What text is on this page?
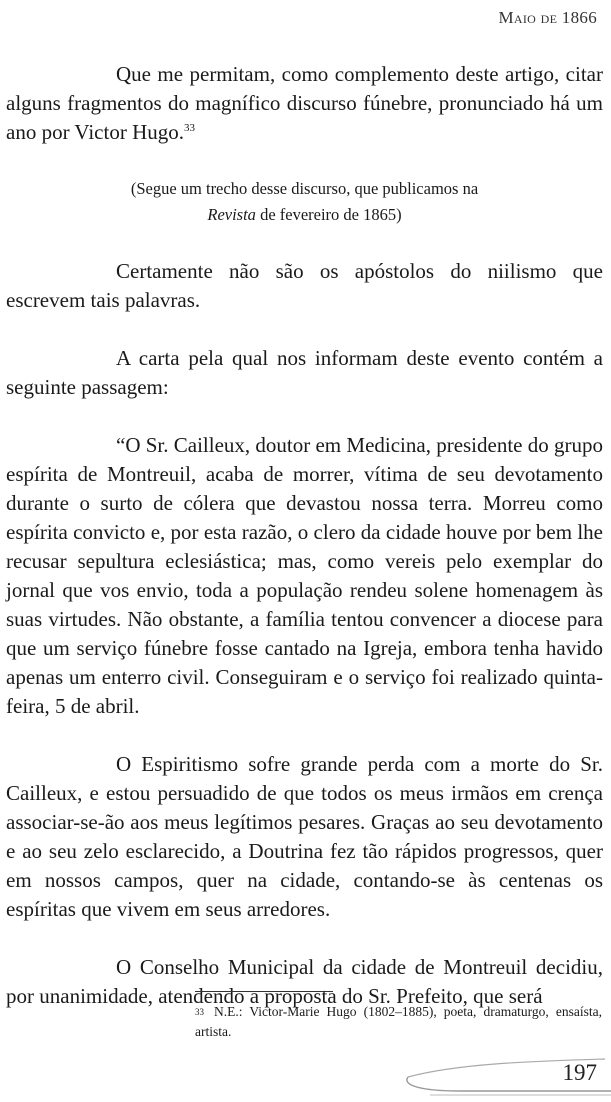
Maio de 1866

Que me permitam, como complemento deste artigo, citar alguns fragmentos do magnífico discurso fúnebre, pronunciado há um ano por Victor Hugo.$^{33}$

(Segue um trecho desse discurso, que publicamos na
Revista de fevereiro de 1865)

Certamente não são os apóstolos do niilismo que escrevem tais palavras.

A carta pela qual nos informam deste evento contém a seguinte passagem:

“O Sr. Cailleux, doutor em Medicina, presidente do grupo espírita de Montreuil, acaba de morrer, vítima de seu devotamento durante o surto de cólera que devastou nossa terra. Morreu como espírita convicto e, por esta razão, o clero da cidade houve por bem lhe recusar sepultura eclesiástica; mas, como vereis pelo exemplar do jornal que vos envio, toda a população rendeu solene homenagem às suas virtudes. Não obstante, a família tentou convencer a diocese para que um serviço fúnebre fosse cantado na Igreja, embora tenha havido apenas um enterro civil. Conseguiram e o serviço foi realizado quinta-feira, 5 de abril.

O Espiritismo sofre grande perda com a morte do Sr. Cailleux, e estou persuadido de que todos os meus irmãos em crença associar-se-ão aos meus legítimos pesares. Graças ao seu devotamento e ao seu zelo esclarecido, a Doutrina fez tão rápidos progressos, quer em nossos campos, quer na cidade, contando-se às centenas os espíritas que vivem em seus arredores.

O Conselho Municipal da cidade de Montreuil decidiu, por unanimidade, atendendo a proposta do Sr. Prefeito, que será

$^{33}$ N.E.: Victor-Marie Hugo (1802–1885), poeta, dramaturgo, ensaísta, artista.
197
